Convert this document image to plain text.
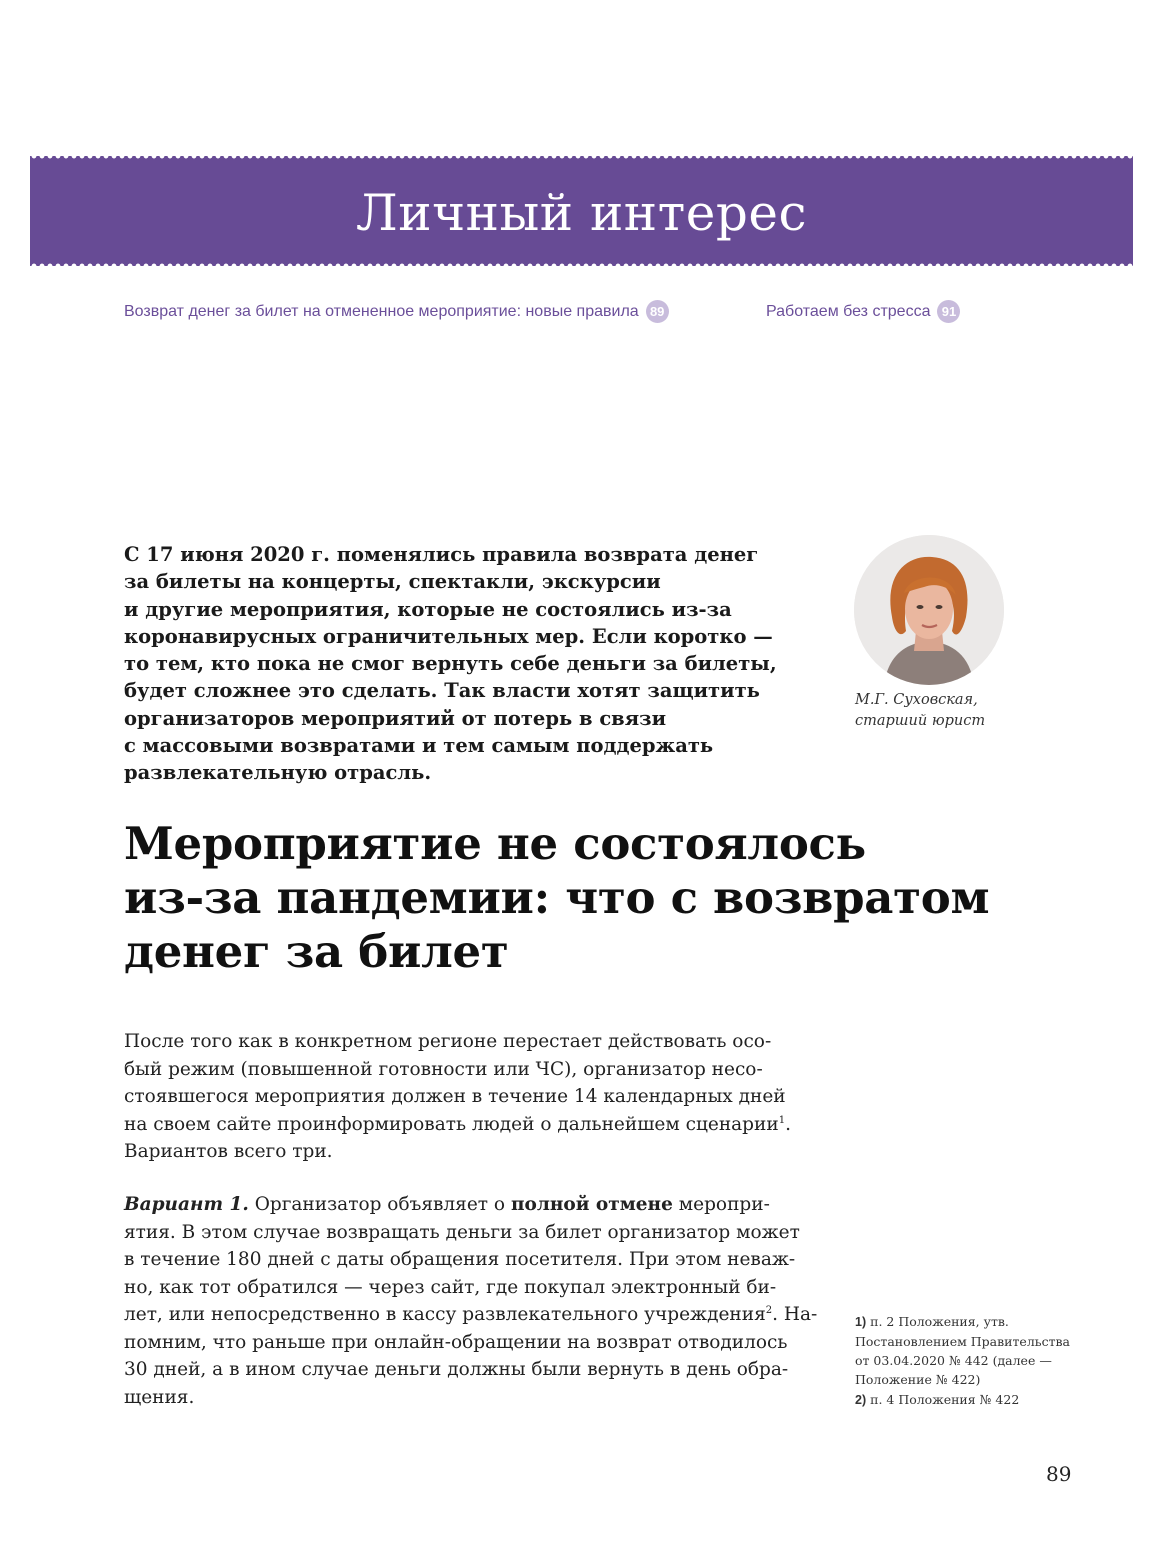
Личный интерес
Возврат денег за билет на отмененное мероприятие: новые правила 89	Работаем без стресса 91

С 17 июня 2020 г. поменялись правила возврата денег
за билеты на концерты, спектакли, экскурсии
и другие мероприятия, которые не состоялись из-за
коронавирусных ограничительных мер. Если коротко —
то тем, кто пока не смог вернуть себе деньги за билеты,
будет сложнее это сделать. Так власти хотят защитить
организаторов мероприятий от потерь в связи
с массовыми возвратами и тем самым поддержать
развлекательную отрасль.

М.Г. Суховская,
старший юрист
Мероприятие не состоялось
из-за пандемии: что с возвратом
денег за билет
После того как в конкретном регионе перестает действовать осо-
бый режим (повышенной готовности или ЧС), организатор несо-
стоявшегося мероприятия должен в течение 14 календарных дней
на своем сайте проинформировать людей о дальнейшем сценарии$^1$.
Вариантов всего три.
Вариант 1. Организатор объявляет о полной отмене меропри-
ятия. В этом случае возвращать деньги за билет организатор может
в течение 180 дней с даты обращения посетителя. При этом неваж-
но, как тот обратился — через сайт, где покупал электронный би-
лет, или непосредственно в кассу развлекательного учреждения$^2$. На-
помним, что раньше при онлайн-обращении на возврат отводилось
30 дней, а в ином случае деньги должны были вернуть в день обра-
щения.
1) п. 2 Положения, утв.
Постановлением Правительства
от 03.04.2020 № 442 (далее —
Положение № 422)
2) п. 4 Положения № 422
89
